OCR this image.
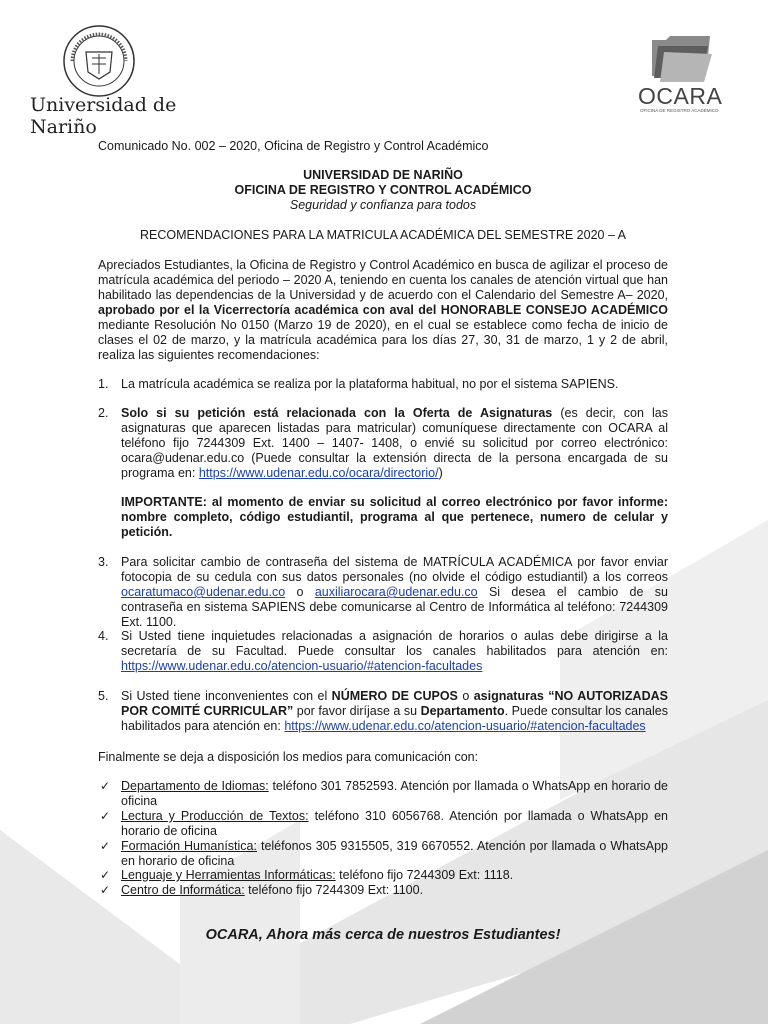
Universidad de Nariño
OCARA
OFICINA DE REGISTRO ACADÉMICO
Comunicado No. 002 – 2020, Oficina de Registro y Control Académico
UNIVERSIDAD DE NARIÑO
OFICINA DE REGISTRO Y CONTROL ACADÉMICO
Seguridad y confianza para todos
RECOMENDACIONES PARA LA MATRICULA ACADÉMICA DEL SEMESTRE 2020 – A

Apreciados Estudiantes, la Oficina de Registro y Control Académico en busca de agilizar el proceso de matrícula académica del periodo – 2020 A, teniendo en cuenta los canales de atención virtual que han habilitado las dependencias de la Universidad y de acuerdo con el Calendario del Semestre A– 2020, aprobado por el la Vicerrectoría académica con aval del HONORABLE CONSEJO ACADÉMICO mediante Resolución No 0150 (Marzo 19 de 2020), en el cual se establece como fecha de inicio de clases el 02 de marzo, y la matrícula académica para los días 27, 30, 31 de marzo, 1 y 2 de abril, realiza las siguientes recomendaciones:

1. La matrícula académica se realiza por la plataforma habitual, no por el sistema SAPIENS.

2. Solo si su petición está relacionada con la Oferta de Asignaturas (es decir, con las asignaturas que aparecen listadas para matricular) comuníquese directamente con OCARA al teléfono fijo 7244309 Ext. 1400 – 1407- 1408, o envié su solicitud por correo electrónico: ocara@udenar.edu.co (Puede consultar la extensión directa de la persona encargada de su programa en: https://www.udenar.edu.co/ocara/directorio/)

IMPORTANTE: al momento de enviar su solicitud al correo electrónico por favor informe: nombre completo, código estudiantil, programa al que pertenece, numero de celular y petición.

3. Para solicitar cambio de contraseña del sistema de MATRÍCULA ACADÉMICA por favor enviar fotocopia de su cedula con sus datos personales (no olvide el código estudiantil) a los correos ocaratumaco@udenar.edu.co o auxiliarocara@udenar.edu.co Si desea el cambio de su contraseña en sistema SAPIENS debe comunicarse al Centro de Informática al teléfono: 7244309 Ext. 1100.

4. Si Usted tiene inquietudes relacionadas a asignación de horarios o aulas debe dirigirse a la secretaría de su Facultad. Puede consultar los canales habilitados para atención en: https://www.udenar.edu.co/atencion-usuario/#atencion-facultades

5. Si Usted tiene inconvenientes con el NÚMERO DE CUPOS o asignaturas “NO AUTORIZADAS POR COMITÉ CURRICULAR” por favor diríjase a su Departamento. Puede consultar los canales habilitados para atención en: https://www.udenar.edu.co/atencion-usuario/#atencion-facultades

Finalmente se deja a disposición los medios para comunicación con:
✓ Departamento de Idiomas: teléfono 301 7852593. Atención por llamada o WhatsApp en horario de oficina

✓ Lectura y Producción de Textos: teléfono 310 6056768. Atención por llamada o WhatsApp en horario de oficina

✓ Formación Humanística: teléfonos 305 9315505, 319 6670552. Atención por llamada o WhatsApp en horario de oficina

✓ Lenguaje y Herramientas Informáticas: teléfono fijo 7244309 Ext: 1118.

✓ Centro de Informática: teléfono fijo 7244309 Ext: 1100.

OCARA, Ahora más cerca de nuestros Estudiantes!
